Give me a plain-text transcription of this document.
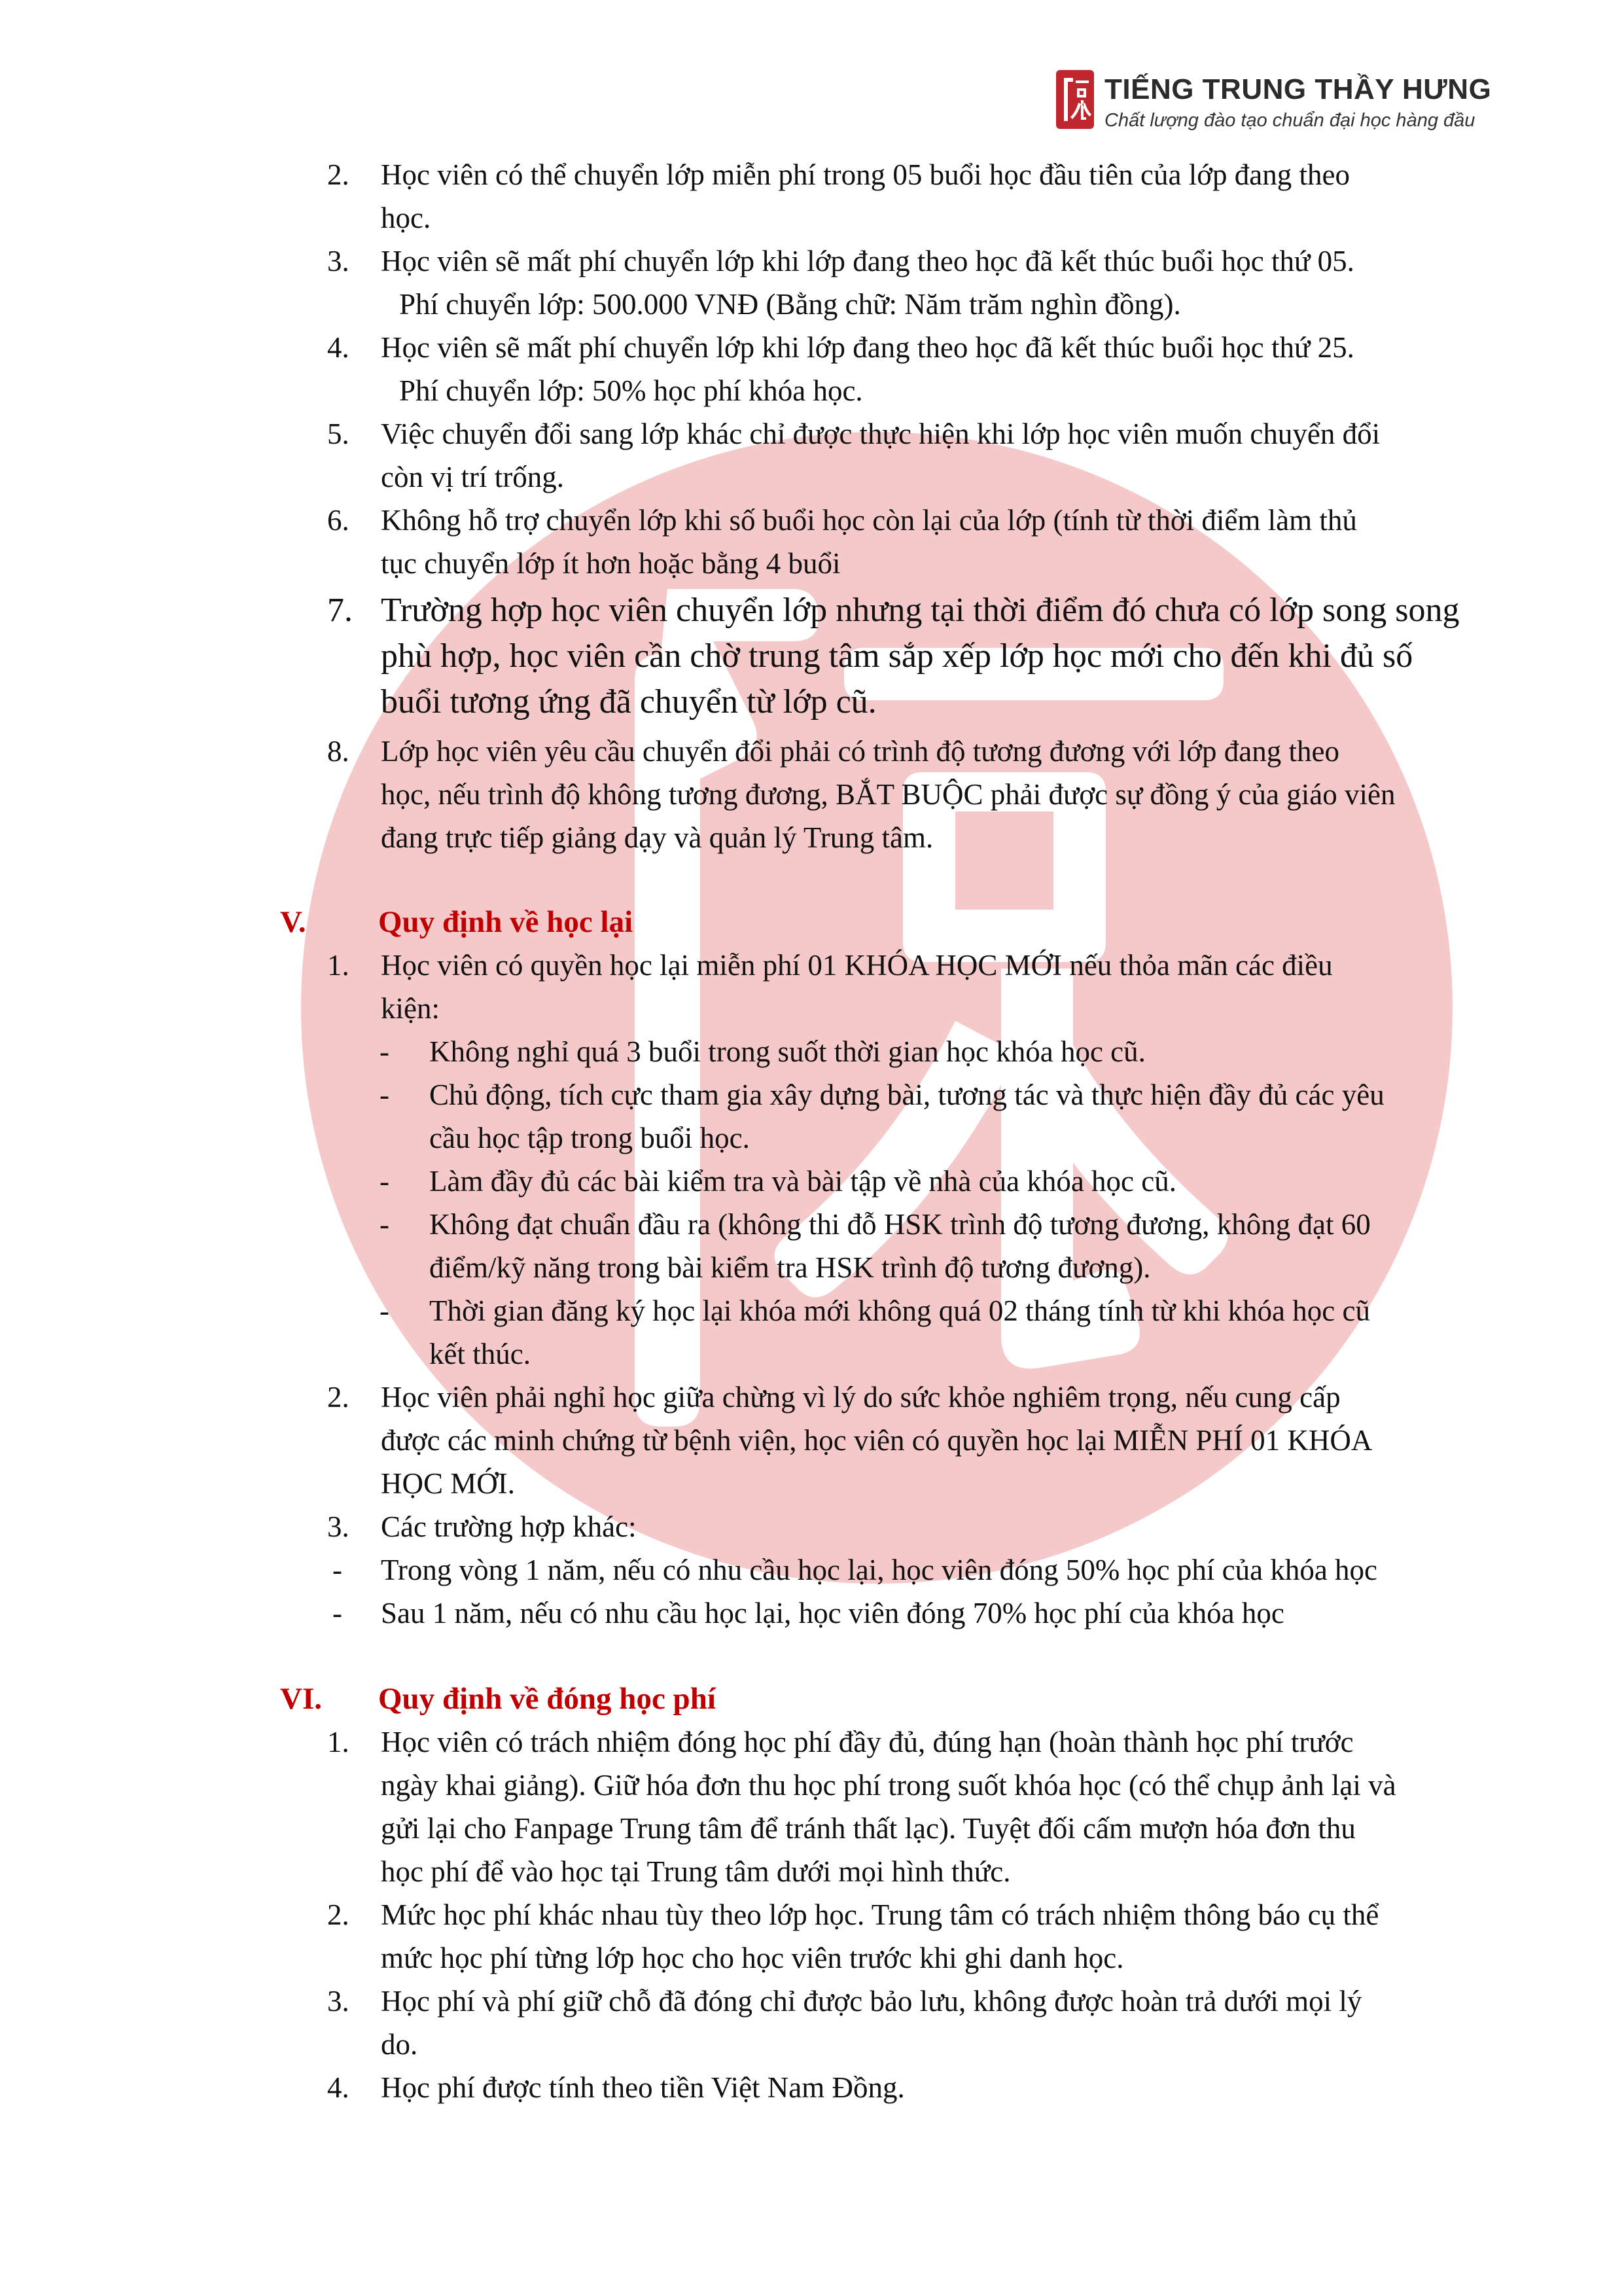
TIẾNG TRUNG THẦY HƯNG
Chất lượng đào tạo chuẩn đại học hàng đầu
2. Học viên có thể chuyển lớp miễn phí trong 05 buổi học đầu tiên của lớp đang theo
học.
3. Học viên sẽ mất phí chuyển lớp khi lớp đang theo học đã kết thúc buổi học thứ 05.
Phí chuyển lớp: 500.000 VNĐ (Bằng chữ: Năm trăm nghìn đồng).
4. Học viên sẽ mất phí chuyển lớp khi lớp đang theo học đã kết thúc buổi học thứ 25.
Phí chuyển lớp: 50% học phí khóa học.
5. Việc chuyển đổi sang lớp khác chỉ được thực hiện khi lớp học viên muốn chuyển đổi
còn vị trí trống.
6. Không hỗ trợ chuyển lớp khi số buổi học còn lại của lớp (tính từ thời điểm làm thủ
tục chuyển lớp ít hơn hoặc bằng 4 buổi
7. Trường hợp học viên chuyển lớp nhưng tại thời điểm đó chưa có lớp song song
phù hợp, học viên cần chờ trung tâm sắp xếp lớp học mới cho đến khi đủ số
buổi tương ứng đã chuyển từ lớp cũ.
8. Lớp học viên yêu cầu chuyển đổi phải có trình độ tương đương với lớp đang theo
học, nếu trình độ không tương đương, BẮT BUỘC phải được sự đồng ý của giáo viên
đang trực tiếp giảng dạy và quản lý Trung tâm.
V. Quy định về học lại
1. Học viên có quyền học lại miễn phí 01 KHÓA HỌC MỚI nếu thỏa mãn các điều
kiện:
- Không nghỉ quá 3 buổi trong suốt thời gian học khóa học cũ.
- Chủ động, tích cực tham gia xây dựng bài, tương tác và thực hiện đầy đủ các yêu
cầu học tập trong buổi học.
- Làm đầy đủ các bài kiểm tra và bài tập về nhà của khóa học cũ.
- Không đạt chuẩn đầu ra (không thi đỗ HSK trình độ tương đương, không đạt 60
điểm/kỹ năng trong bài kiểm tra HSK trình độ tương đương).
- Thời gian đăng ký học lại khóa mới không quá 02 tháng tính từ khi khóa học cũ
kết thúc.
2. Học viên phải nghỉ học giữa chừng vì lý do sức khỏe nghiêm trọng, nếu cung cấp
được các minh chứng từ bệnh viện, học viên có quyền học lại MIỄN PHÍ 01 KHÓA
HỌC MỚI.
3. Các trường hợp khác:
- Trong vòng 1 năm, nếu có nhu cầu học lại, học viên đóng 50% học phí của khóa học
- Sau 1 năm, nếu có nhu cầu học lại, học viên đóng 70% học phí của khóa học
VI. Quy định về đóng học phí
1. Học viên có trách nhiệm đóng học phí đầy đủ, đúng hạn (hoàn thành học phí trước
ngày khai giảng). Giữ hóa đơn thu học phí trong suốt khóa học (có thể chụp ảnh lại và
gửi lại cho Fanpage Trung tâm để tránh thất lạc). Tuyệt đối cấm mượn hóa đơn thu
học phí để vào học tại Trung tâm dưới mọi hình thức.
2. Mức học phí khác nhau tùy theo lớp học. Trung tâm có trách nhiệm thông báo cụ thể
mức học phí từng lớp học cho học viên trước khi ghi danh học.
3. Học phí và phí giữ chỗ đã đóng chỉ được bảo lưu, không được hoàn trả dưới mọi lý
do.
4. Học phí được tính theo tiền Việt Nam Đồng.
